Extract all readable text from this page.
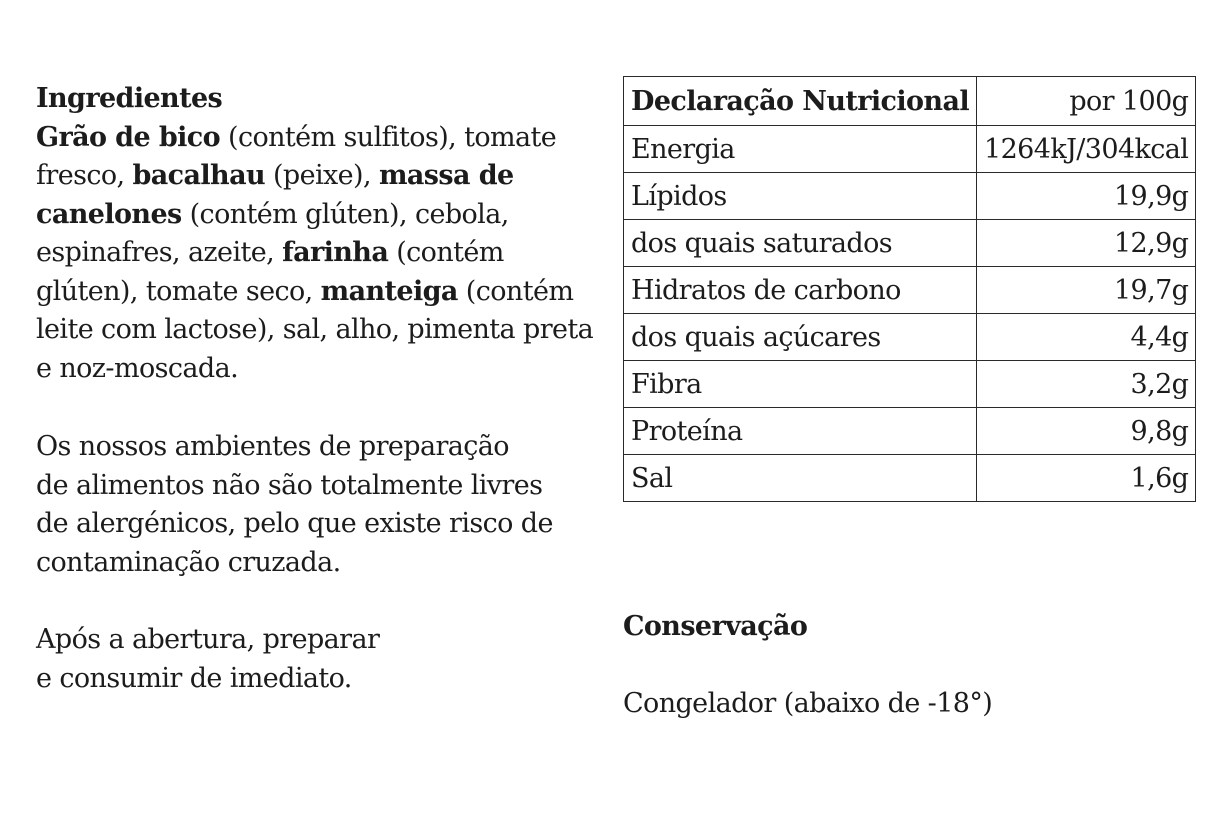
Ingredientes

Grão de bico (contém sulfitos), tomate fresco, bacalhau (peixe), massa de canelones (contém glúten), cebola, espinafres, azeite, farinha (contém glúten), tomate seco, manteiga (contém leite com lactose), sal, alho, pimenta preta e noz-moscada.

Os nossos ambientes de preparação
de alimentos não são totalmente livres
de alergénicos, pelo que existe risco de
contaminação cruzada.

Após a abertura, preparar
e consumir de imediato.

Declaração Nutricional	por 100g
Energia	1264kJ/304kcal
Lípidos	19,9g
dos quais saturados	12,9g
Hidratos de carbono	19,7g
dos quais açúcares	4,4g
Fibra	3,2g
Proteína	9,8g
Sal	1,6g
Conservação

Congelador (abaixo de -18°)
